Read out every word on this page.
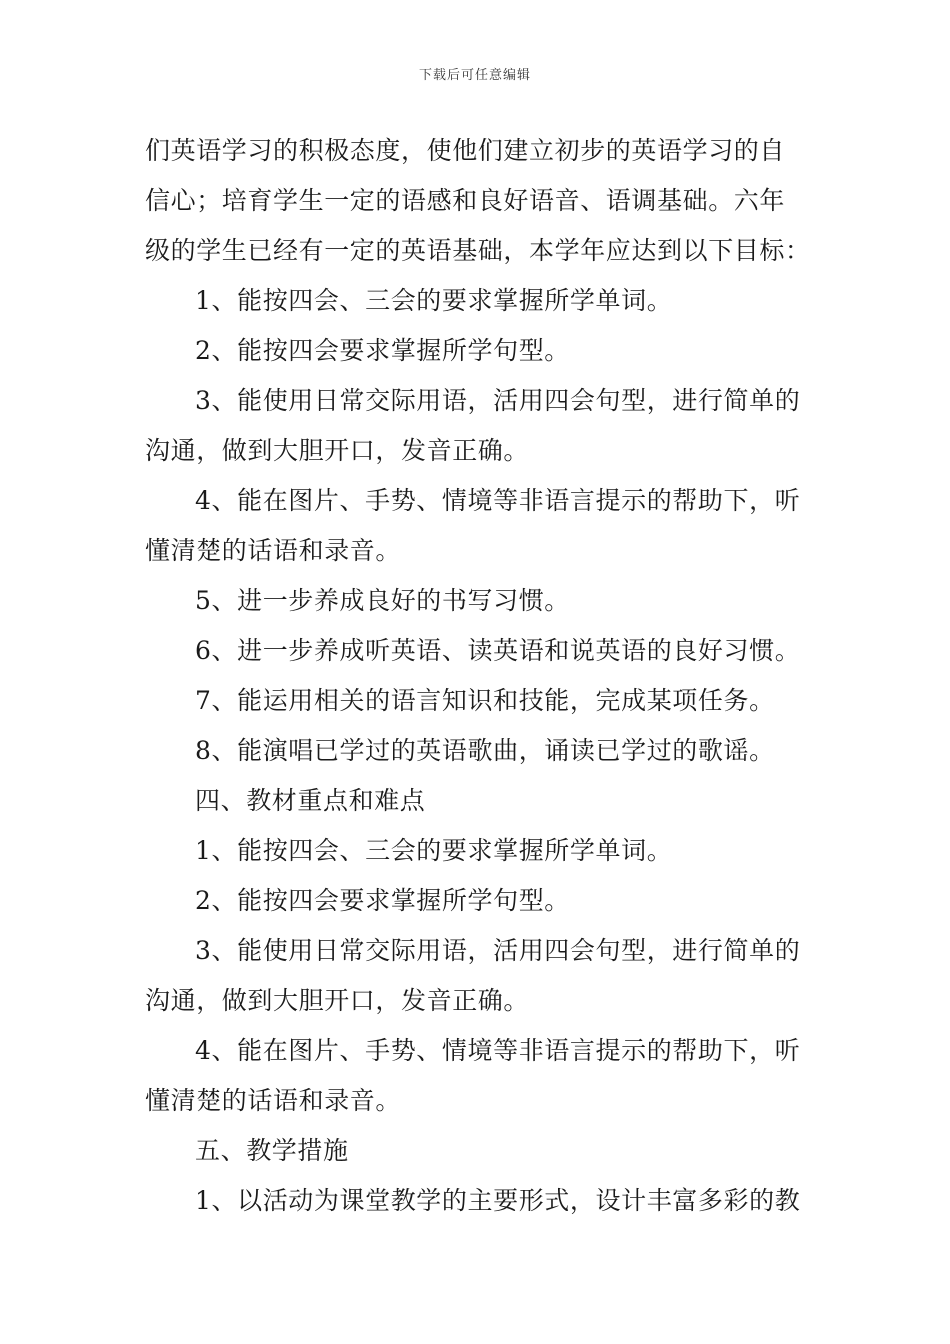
下载后可任意编辑
们英语学习的积极态度，使他们建立初步的英语学习的自
信心；培育学生一定的语感和良好语音、语调基础。六年
级的学生已经有一定的英语基础，本学年应达到以下目标：
1、能按四会、三会的要求掌握所学单词。
2、能按四会要求掌握所学句型。
3、能使用日常交际用语，活用四会句型，进行简单的
沟通，做到大胆开口，发音正确。
4、能在图片、手势、情境等非语言提示的帮助下，听
懂清楚的话语和录音。
5、进一步养成良好的书写习惯。
6、进一步养成听英语、读英语和说英语的良好习惯。
7、能运用相关的语言知识和技能，完成某项任务。
8、能演唱已学过的英语歌曲，诵读已学过的歌谣。
四、教材重点和难点
1、能按四会、三会的要求掌握所学单词。
2、能按四会要求掌握所学句型。
3、能使用日常交际用语，活用四会句型，进行简单的
沟通，做到大胆开口，发音正确。
4、能在图片、手势、情境等非语言提示的帮助下，听
懂清楚的话语和录音。
五、教学措施
1、以活动为课堂教学的主要形式，设计丰富多彩的教
